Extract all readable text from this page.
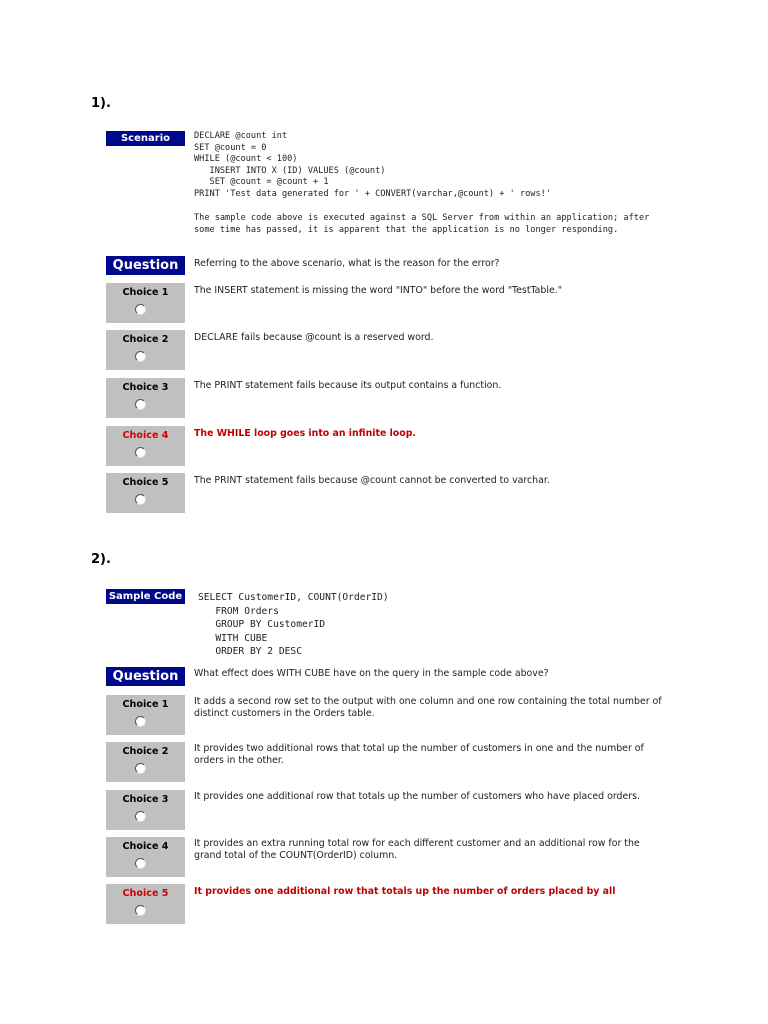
1).
Scenario	DECLARE @count int
SET @count = 0
WHILE (@count < 100)
INSERT INTO X (ID) VALUES (@count)
SET @count = @count + 1
PRINT 'Test data generated for ' + CONVERT(varchar,@count) + ' rows!'
The sample code above is executed against a SQL Server from within an application; after some time has passed, it is apparent that the application is no longer responding.
Question	Referring to the above scenario, what is the reason for the error?
Choice 1	The INSERT statement is missing the word "INTO" before the word "TestTable."
Choice 2	DECLARE fails because @count is a reserved word.
Choice 3	The PRINT statement fails because its output contains a function.
Choice 4	The WHILE loop goes into an infinite loop.
Choice 5	The PRINT statement fails because @count cannot be converted to varchar.
2).
Sample Code SELECT CustomerID, COUNT(OrderID)
FROM Orders
GROUP BY CustomerID
WITH CUBE
ORDER BY 2 DESC
Question	What effect does WITH CUBE have on the query in the sample code above?
Choice 1	It adds a second row set to the output with one column and one row containing the total number of distinct customers in the Orders table.
Choice 2	It provides two additional rows that total up the number of customers in one and the number of orders in the other.
Choice 3	It provides one additional row that totals up the number of customers who have placed orders.
Choice 4	It provides an extra running total row for each different customer and an additional row for the grand total of the COUNT(OrderID) column.
Choice 5	It provides one additional row that totals up the number of orders placed by all
